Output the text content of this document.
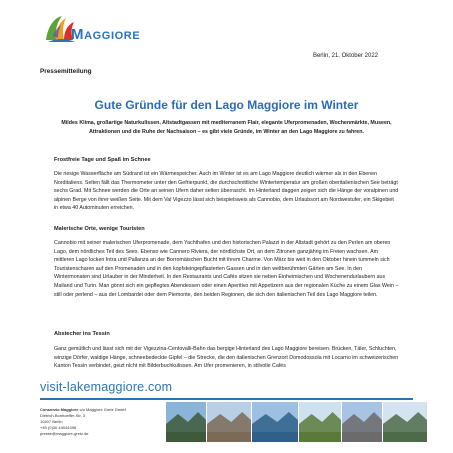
MAGGIORE
Berlin, 21. Oktober 2022
Pressemitteilung
Gute Gründe für den Lago Maggiore im Winter
Mildes Klima, großartige Naturkulissen, Altstadtgassen mit mediterranem Flair, elegante Uferpromenaden, Wochenmärkte, Museen, Attraktionen und die Ruhe der Nachsaison – es gibt viele Gründe, im Winter an den Lago Maggiore zu fahren.
Frostfreie Tage und Spaß im Schnee

Die riesige Wasserfläche am Südrand ist ein Wärmespeicher. Auch im Winter ist es am Lago Maggiore deutlich wärmer als in den Ebenen Norditaliens. Selten fällt das Thermometer unter den Gefrierpunkt, die durchschnittliche Wintertemperatur am großen oberitalienischen See beträgt sechs Grad. Mit Schnee werden die Orte an seinen Ufern daher selten überrascht. Im Hinterland daggen zeigen sich die Hänge der voralpinen und alpinen Berge von ihrer weißen Seite. Mit dem Val Vigezzo lässt sich beispielsweis als Cannobio, dem Urlaubsort am Nordwestufer, ein Skigebiet in etwa 40 Autominuten erreichen.

Malerische Orte, wenige Touristen

Cannobio mit seiner malerischen Uferpromenade, dem Yachthafen und den historischen Palazzi in der Altstadt gehört zu den Perlen am oberen Lago, dem nördliches Teil des Sees. Ebenso wie Cannero Riviera, der nördlichste Ort, an dem Zitronen ganzjährig im Freien wachsen. Am mittleren Lago locken Intra und Pallanza an der Borromäischen Bucht mit ihrem Charme. Von März bis weit in den Oktober hinein tummeln sich Touristenscharen auf den Promenaden und in den kopfsteingepflasterten Gassen und in den weltberühmten Gärten am See. In den Wintermonaten sind Urlauber in der Minderheit. In den Restaurants und Cafés sitzen sie neben Einheimischen und Wochenendurlaubern aus Mailand und Turin. Man gönnt sich ein gepflegtes Abendessen oder einen Aperitivo mit Appetizern aus der regionalen Küche zu einem Glas Wein – still oder perlend – aus der Lombardei oder dem Piemonte, den beiden Regionen, die sich den italienischen Teil des Lago Maggiore teilen.

Abstecher ins Tessin

Ganz gemütlich und lässt sich mit der Vigezzina-Centovalli-Bahn das bergige Hinterland des Lago Maggiore bereisen. Brücken, Täler, Schluchten, winzige Dörfer, waldige Hänge, schneebedeckte Gipfel – die Strecke, die den italienischen Grenzort Domodossola mit Locarno im schweizerischen Kanton Tessin verbindet, geizt nicht mit Bilderbuchkulissen. Am Ufer promenieren, in stilvolle Cafés

visit-lakemaggiore.com
Consorzio Maggiore c/o Maggiore Gretz GmbH
Dietrich-Bonhoeffer-Str. 3
10407 Berlin
+49 (0)30 44044398
presse@maggiore-gretz.de
